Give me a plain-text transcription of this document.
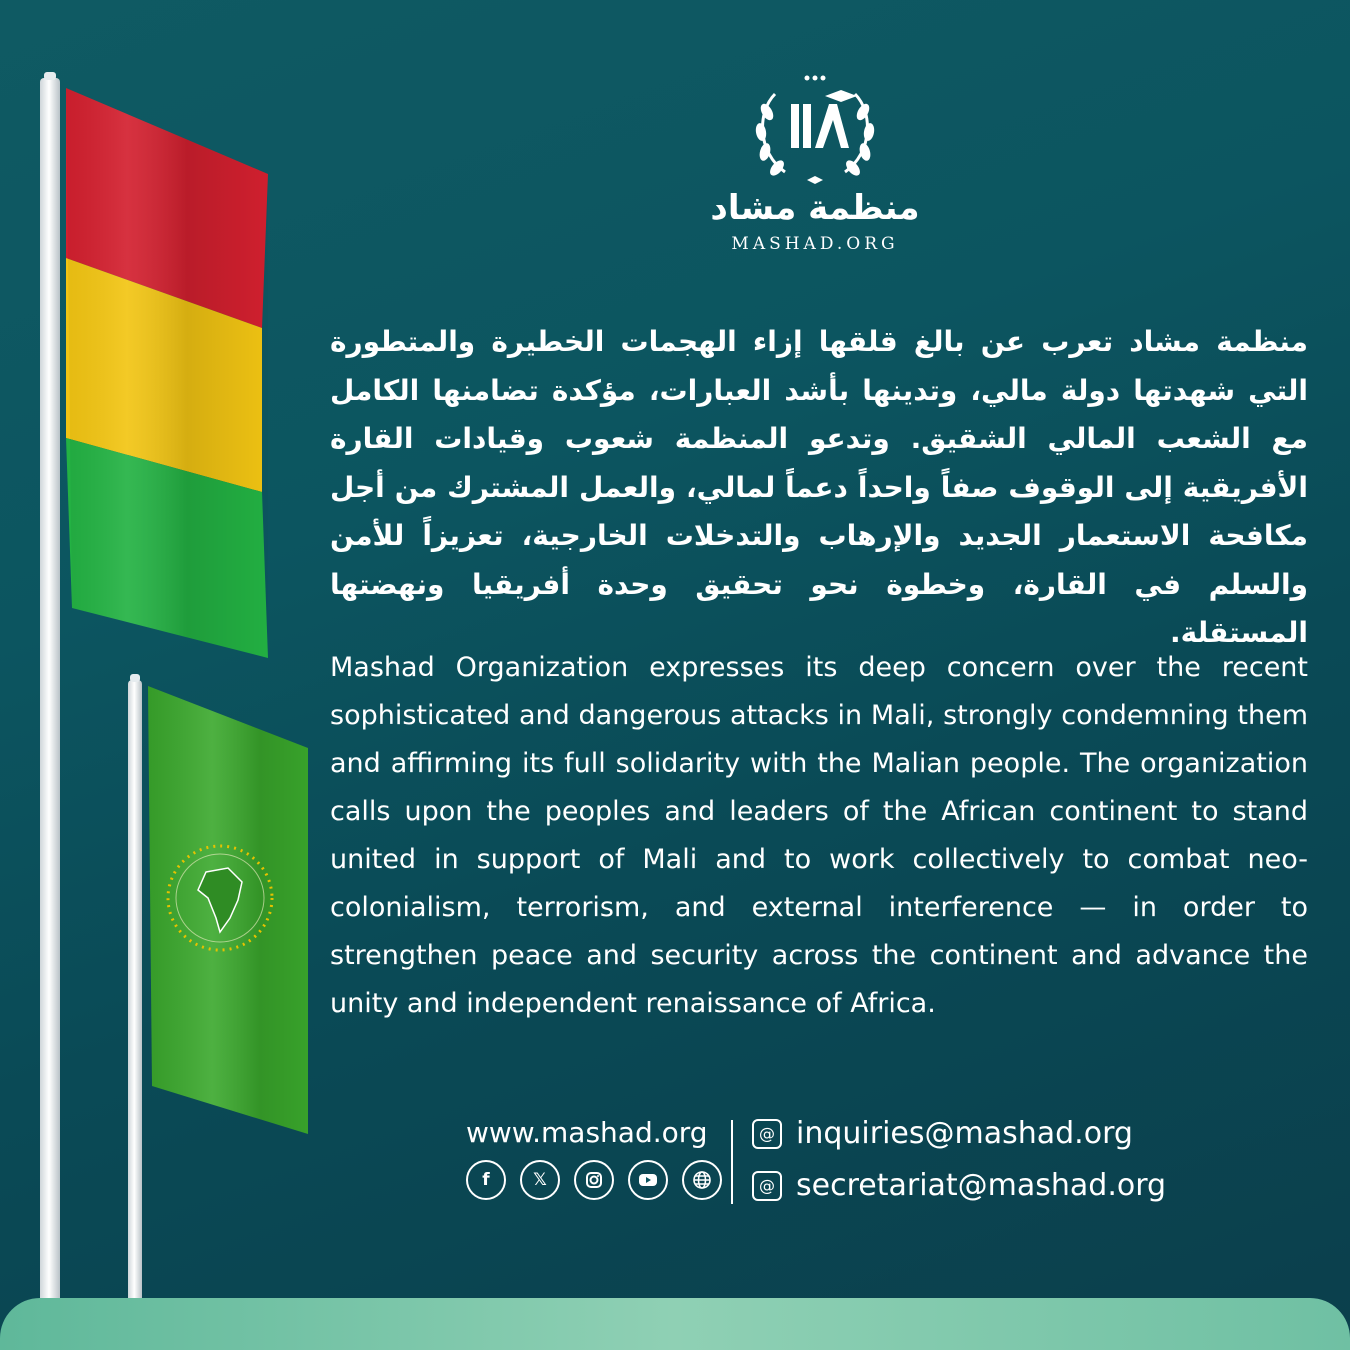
منظمة مشاد
MASHAD.ORG
منظمة مشاد تعرب عن بالغ قلقها إزاء الهجمات الخطيرة والمتطورة التي شهدتها دولة مالي، وتدينها بأشد العبارات، مؤكدة تضامنها الكامل مع الشعب المالي الشقيق. وتدعو المنظمة شعوب وقيادات القارة الأفريقية إلى الوقوف صفاً واحداً دعماً لمالي، والعمل المشترك من أجل مكافحة الاستعمار الجديد والإرهاب والتدخلات الخارجية، تعزيزاً للأمن والسلم في القارة، وخطوة نحو تحقيق وحدة أفريقيا ونهضتها المستقلة.
Mashad Organization expresses its deep concern over the recent sophisticated and dangerous attacks in Mali, strongly condemning them and affirming its full solidarity with the Malian people. The organization calls upon the peoples and leaders of the African continent to stand united in support of Mali and to work collectively to combat neo-colonialism, terrorism, and external interference — in order to strengthen peace and security across the continent and advance the unity and independent renaissance of Africa.
www.mashad.org
f	𝕏
@ inquiries@mashad.org
@ secretariat@mashad.org
